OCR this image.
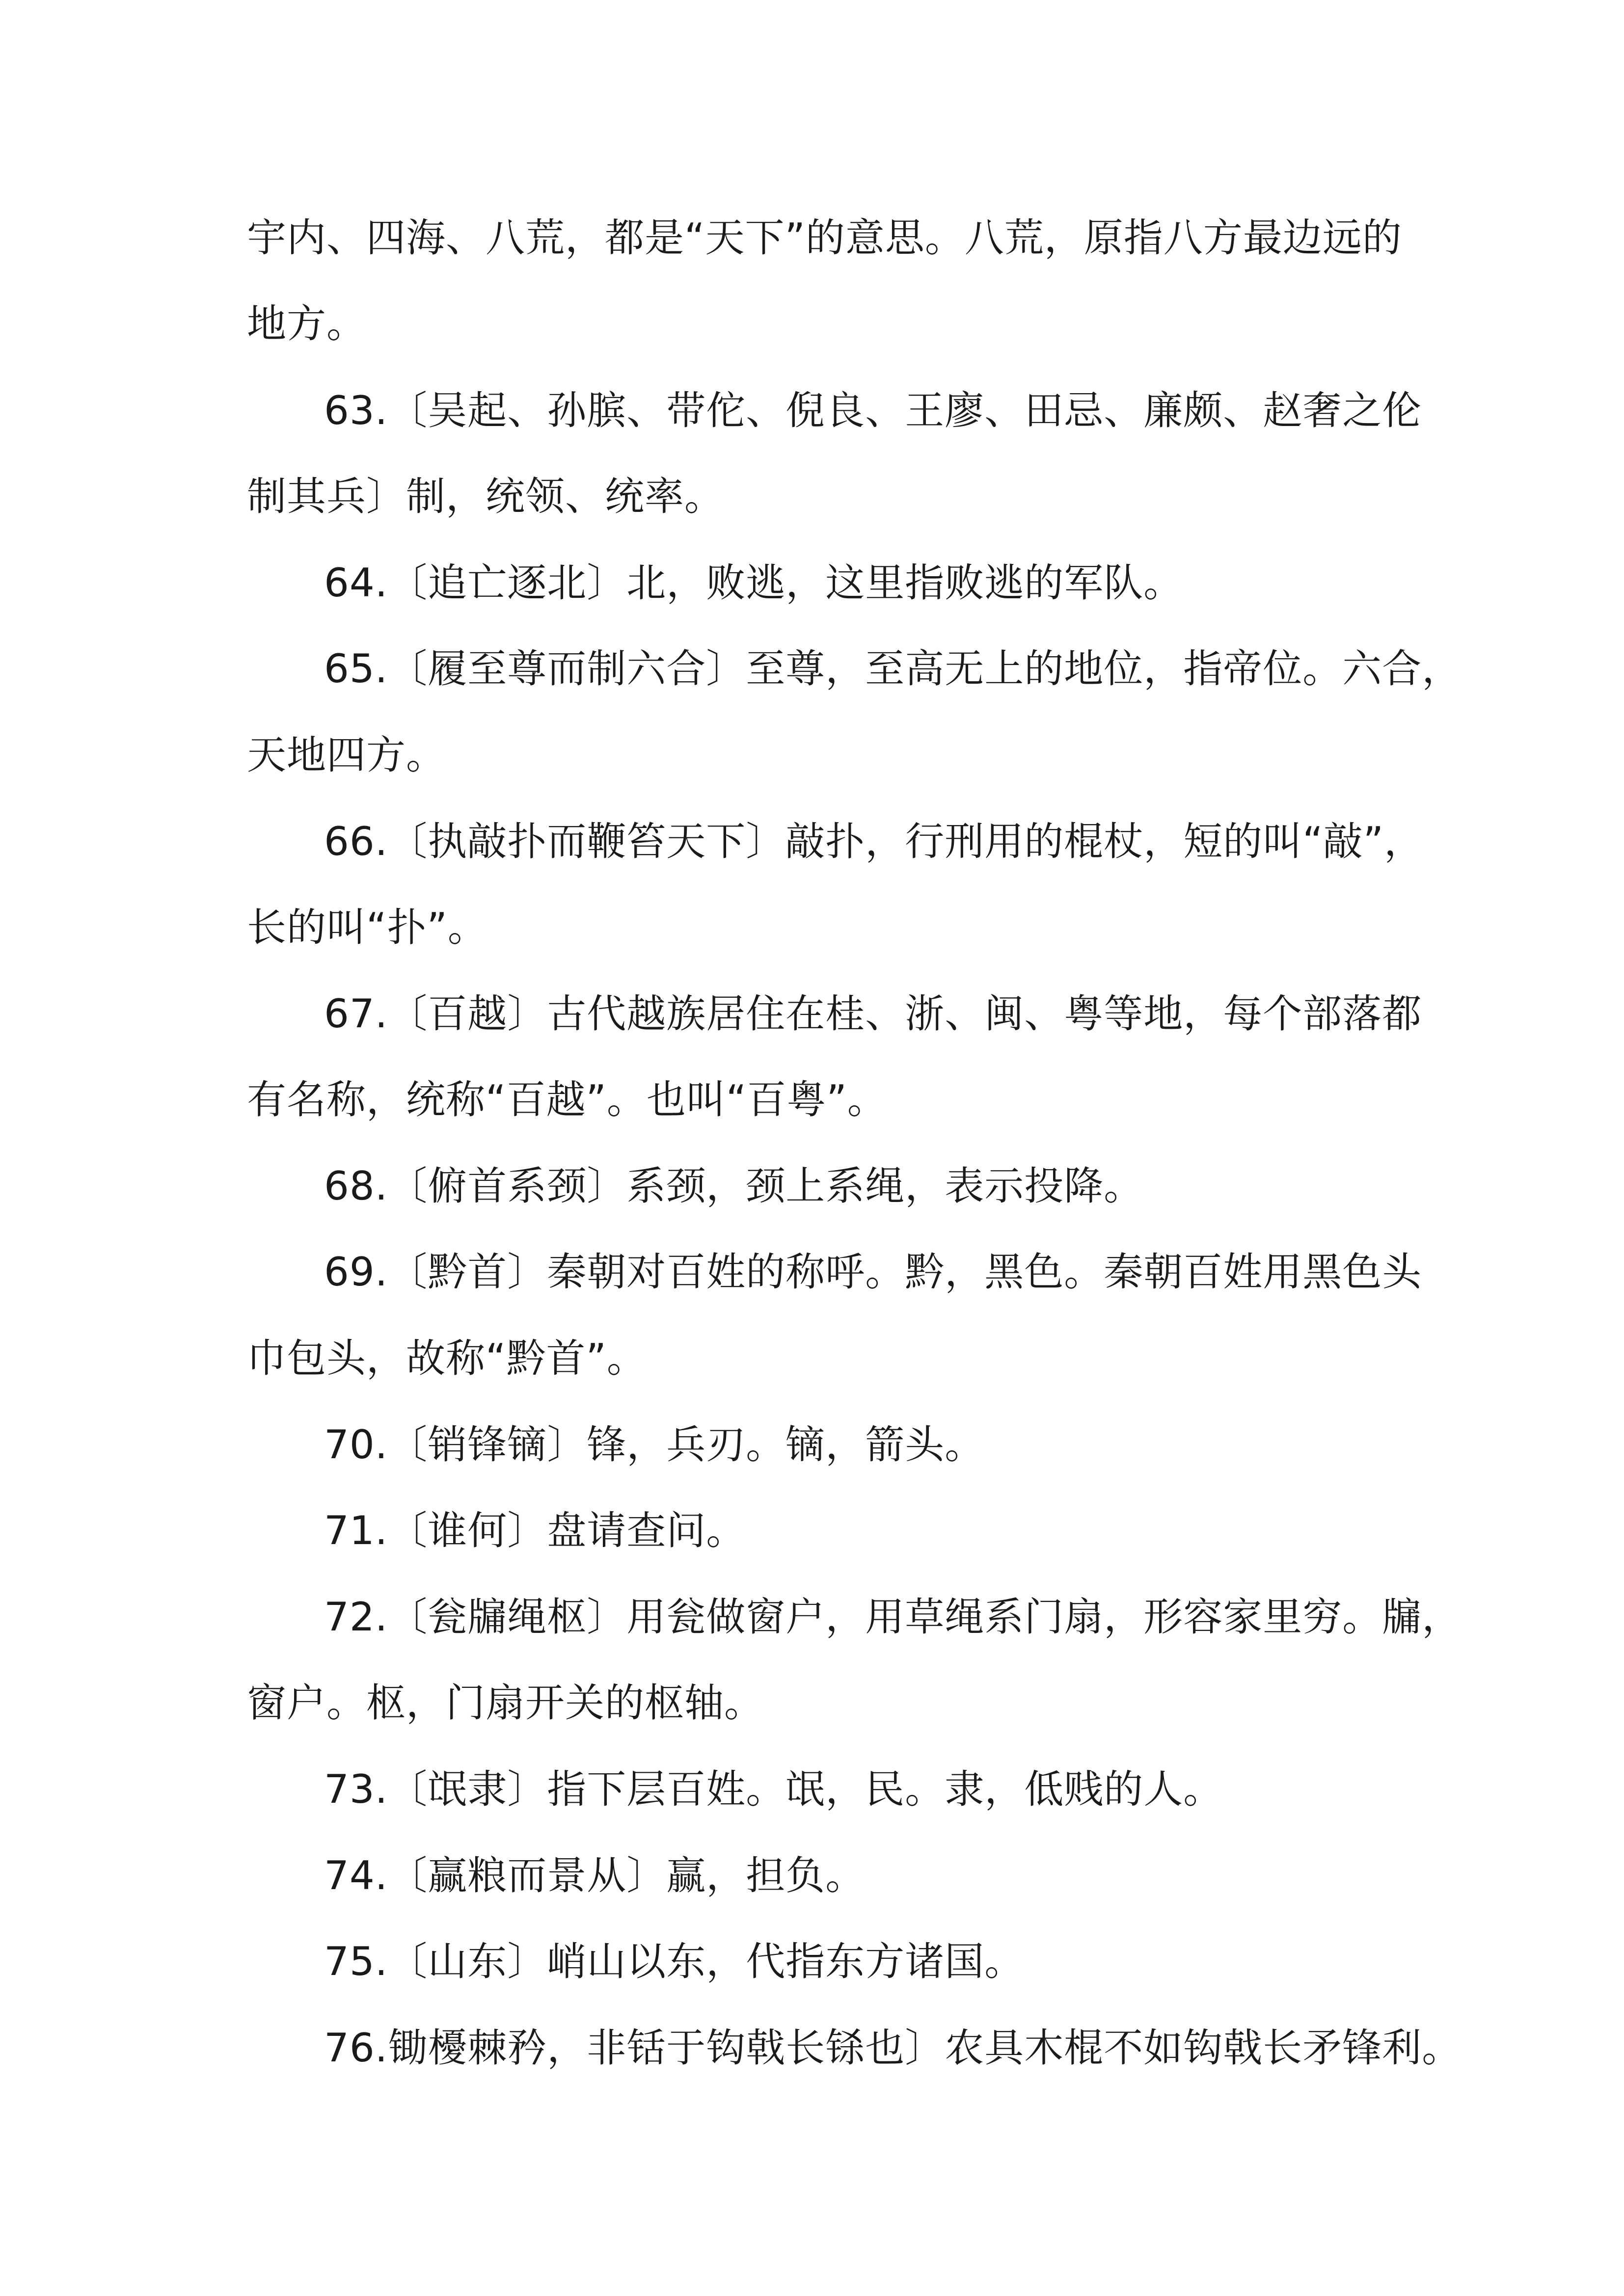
宇内、四海、八荒，都是“天下”的意思。八荒，原指八方最边远的
地方。
63.〔吴起、孙膑、带佗、倪良、王廖、田忌、廉颇、赵奢之伦
制其兵〕制，统领、统率。
64.〔追亡逐北〕北，败逃，这里指败逃的军队。
65.〔履至尊而制六合〕至尊，至高无上的地位，指帝位。六合，
天地四方。
66.〔执敲扑而鞭笞天下〕敲扑，行刑用的棍杖，短的叫“敲”，
长的叫“扑”。
67.〔百越〕古代越族居住在桂、浙、闽、粤等地，每个部落都
有名称，统称“百越”。也叫“百粤”。
68.〔俯首系颈〕系颈，颈上系绳，表示投降。
69.〔黔首〕秦朝对百姓的称呼。黔，黑色。秦朝百姓用黑色头
巾包头，故称“黔首”。
70.〔销锋镝〕锋，兵刃。镝，箭头。
71.〔谁何〕盘请查问。
72.〔瓮牖绳枢〕用瓮做窗户，用草绳系门扇，形容家里穷。牖，
窗户。枢，门扇开关的枢轴。
73.〔氓隶〕指下层百姓。氓，民。隶，低贱的人。
74.〔赢粮而景从〕赢，担负。
75.〔山东〕峭山以东，代指东方诸国。
76.锄櫌棘矜，非铦于钩戟长铩也〕农具木棍不如钩戟长矛锋利。
